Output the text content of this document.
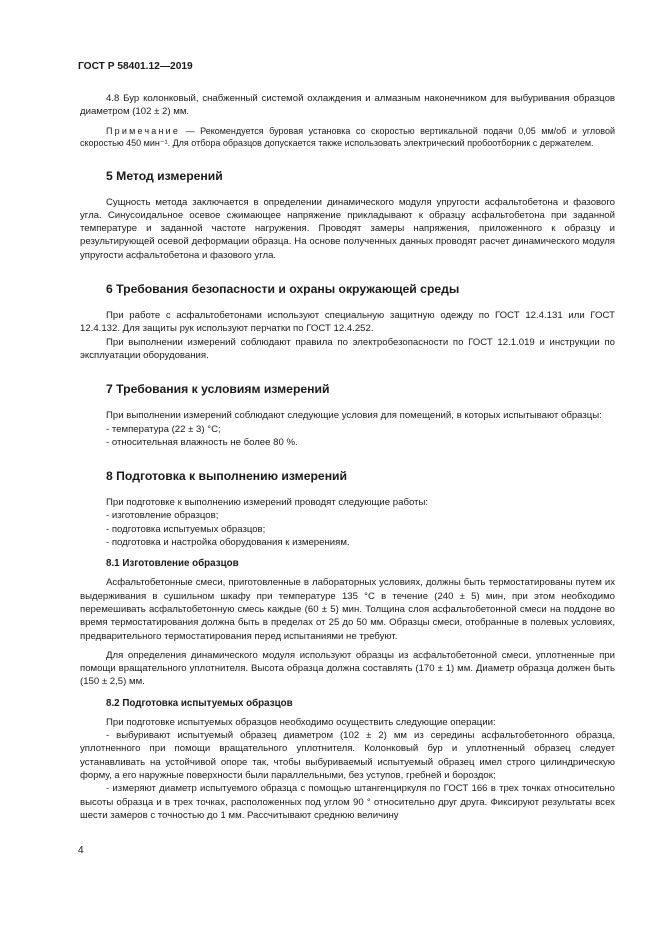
ГОСТ Р 58401.12—2019

4.8 Бур колонковый, снабженный системой охлаждения и алмазным наконечником для выбуривания образцов диаметром (102 ± 2) мм.

Примечание — Рекомендуется буровая установка со скоростью вертикальной подачи 0,05 мм/об и угловой скоростью 450 мин⁻¹. Для отбора образцов допускается также использовать электрический пробоотборник с держателем.

5 Метод измерений

Сущность метода заключается в определении динамического модуля упругости асфальтобетона и фазового угла. Синусоидальное осевое сжимающее напряжение прикладывают к образцу асфальтобетона при заданной температуре и заданной частоте нагружения. Проводят замеры напряжения, приложенного к образцу и результирующей осевой деформации образца. На основе полученных данных проводят расчет динамического модуля упругости асфальтобетона и фазового угла.

6 Требования безопасности и охраны окружающей среды

При работе с асфальтобетонами используют специальную защитную одежду по ГОСТ 12.4.131 или ГОСТ 12.4.132. Для защиты рук используют перчатки по ГОСТ 12.4.252.

При выполнении измерений соблюдают правила по электробезопасности по ГОСТ 12.1.019 и инструкции по эксплуатации оборудования.

7 Требования к условиям измерений

При выполнении измерений соблюдают следующие условия для помещений, в которых испытывают образцы:

- температура (22 ± 3) °С;

- относительная влажность не более 80 %.

8 Подготовка к выполнению измерений

При подготовке к выполнению измерений проводят следующие работы:

- изготовление образцов;

- подготовка испытуемых образцов;

- подготовка и настройка оборудования к измерениям.

8.1 Изготовление образцов

Асфальтобетонные смеси, приготовленные в лабораторных условиях, должны быть термостатированы путем их выдерживания в сушильном шкафу при температуре 135 °С в течение (240 ± 5) мин, при этом необходимо перемешивать асфальтобетонную смесь каждые (60 ± 5) мин. Толщина слоя асфальтобетонной смеси на поддоне во время термостатирования должна быть в пределах от 25 до 50 мм. Образцы смеси, отобранные в полевых условиях, предварительного термостатирования перед испытаниями не требуют.

Для определения динамического модуля используют образцы из асфальтобетонной смеси, уплотненные при помощи вращательного уплотнителя. Высота образца должна составлять (170 ± 1) мм. Диаметр образца должен быть (150 ± 2,5) мм.

8.2 Подготовка испытуемых образцов

При подготовке испытуемых образцов необходимо осуществить следующие операции:

- выбуривают испытуемый образец диаметром (102 ± 2) мм из середины асфальтобетонного образца, уплотненного при помощи вращательного уплотнителя. Колонковый бур и уплотненный образец следует устанавливать на устойчивой опоре так, чтобы выбуриваемый испытуемый образец имел строго цилиндрическую форму, а его наружные поверхности были параллельными, без уступов, гребней и бороздок;

- измеряют диаметр испытуемого образца с помощью штангенциркуля по ГОСТ 166 в трех точках относительно высоты образца и в трех точках, расположенных под углом 90 ° относительно друг друга. Фиксируют результаты всех шести замеров с точностью до 1 мм. Рассчитывают среднюю величину

4
